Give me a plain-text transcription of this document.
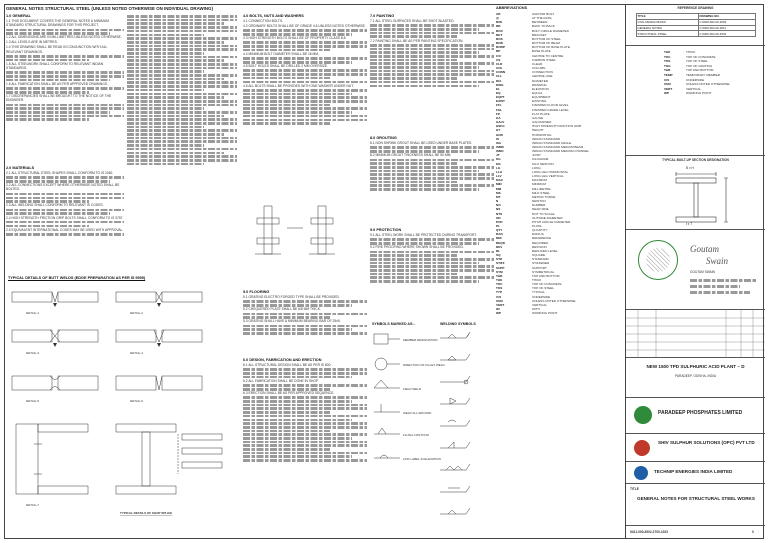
GENERAL NOTES STRUCTURAL STEEL (UNLESS NOTED OTHERWISE ON INDIVIDUAL DRAWING)
1.0 GENERAL

1.1 THIS DOCUMENT COVERS THE GENERAL NOTES & MINIMUM STANDARD STRUCTURAL DRAWINGS FOR THIS PROJECT.

1.2 ALL DIMENSIONS ARE IN MILLIMETRES UNLESS NOTED OTHERWISE.

1.3 ALL LEVELS ARE IN METRES.

1.4 THIS DRAWING SHALL BE READ IN CONJUNCTION WITH ALL RELEVANT DRAWINGS.

1.5 ALL STEELWORK SHALL CONFORM TO RELEVANT INDIAN STANDARDS.

1.6 ALL FABRICATION SHALL BE AS PER APPROVED DRAWINGS.

1.7 DISCREPANCIES SHALL BE BROUGHT TO THE NOTICE OF THE ENGINEER.

2.0 MATERIALS

2.1 ALL STRUCTURAL STEEL SHAPES SHALL CONFORM TO IS 2062.

2.2 ALL CONNECTIONS EXCEPT WHERE OTHERWISE NOTED SHALL BE BOLTED.

2.3 ALL WELDING SHALL CONFORM TO RELEVANT IS CODES.

2.4 HIGH STRENGTH FRICTION GRIP BOLTS SHALL CONFORM TO IS 3757.

2.5 EQUIVALENT INTERNATIONAL CODES MAY BE USED WITH APPROVAL.

TYPICAL DETAILS OF BUTT WELDS (EDGE PREPARATION AS PER IS 9595)
DETAIL-1	DETAIL-2
DETAIL-3	DETAIL-4
DETAIL-5	DETAIL-6
DETAIL-7
TYPICAL DETAILS OF SHOP SPLICE
4.0 BOLTS, NUTS AND WASHERS

4.1 CONNECTION BOLTS.

4.2 ORDINARY BOLTS SHALL BE OF GRADE 4.6 UNLESS NOTED OTHERWISE.

4.3 HIGH STRENGTH BOLTS SHALL BE OF PROPERTY CLASS 8.8.

4.4 MINIMUM BOLT DIAMETER SHALL BE 16 MM.

4.5 BOLT HOLES SHALL BE DRILLED 2 MM OVERSIZE.

4.6 ALL BOLTS SHALL BE PROVIDED WITH ONE WASHER UNDER NUT.

5.0 FLOORING

5.1 GRATING ELECTRO FORGED TYPE SHALL BE PROVIDED.

5.2 CHEQUERED PLATE SHALL BE 6/8 MM THICK.

5.3 GRATING SHALL HAVE A MINIMUM BEARING BAR OF 25x5.

6.0 DESIGN, FABRICATION AND ERECTION

6.1 ALL STRUCTURAL DESIGN SHALL BE AS PER IS 800.

6.2 ALL FABRICATION SHALL BE DONE IN SHOP.

6.3 ERECTION SHALL BE AS PER APPROVED SEQUENCE.

7.0 PAINTING

7.1 ALL STEEL SURFACES SHALL BE SHOT BLASTED.

7.2 PAINTING SHALL BE AS PER PAINTING SPECIFICATION.

8.0 GROUTING

8.1 NON SHRINK GROUT SHALL BE USED UNDER BASE PLATES.

8.2 MINIMUM GROUT THICKNESS SHALL BE 50 MM.

9.0 PROTECTION

9.1 ALL STEEL WORK SHALL BE PROTECTED DURING TRANSPORT.

9.2 FIRE PROOFING WHERE SHOWN SHALL BE PROVIDED.

SYMBOLS MARKED AS:-	WELDING SYMBOLS
MEMBER DESIGNATION
DIRECTION OF FILLET WELD
FIELD WELD
WELD ALL AROUND
FLUSH CONTOUR
LINK LABEL IN ELEVATION
ABBREVIATIONS
AB	ANCHOR BOLT
@	AT THE RATE
B/W	BETWEEN
BB	BACK TO BACK
BCD	BOLT CIRCLE DIAMETER
BKT	BRACKET
BOS	BOTTOM OF STEEL
BOB	BOTTOM OF BEAM
BOBP	BOTTOM OF BASE PLATE
BP	BASE PLATE
C/C	CENTRE TO CENTRE
CS	CARBON STEEL
CLR	CLEAR
COL	COLUMN
CONN	CONNECTION
CLL	CENTRE LINE
DIA	DIAMETER
DWG	DRAWING
EL	ELEVATION
EQ	EQUAL
EQPT	EQUIPMENT
EXIST	EXISTING
FFL	FINISHED FLOOR LEVEL
FGL	FINISHED GRADE LEVEL
FP	FLAT PLATE
GA	GAUGE
GALV	GALVANISED
HSFG	HIGH STRENGTH FRICTION GRIP
HT	HEIGHT
HOR	HORIZONTAL
IS	INDIAN STANDARD
ISA	INDIAN STANDARD ANGLE
ISMB	INDIAN STANDARD MEDIUM BEAM
ISMC	INDIAN STANDARD MEDIUM CHANNEL
JT	JOINT
KG	KILOGRAM
KN	KILO NEWTON
LG	LONG
LLH	LONG LEG HORIZONTAL
LLV	LONG LEG VERTICAL
MAX	MAXIMUM
MIN	MINIMUM
MM	MILLIMETRE
MS	MILD STEEL
MT	METRIC TONNE
N	NEWTON
NO	NUMBER
NS	NEAR SIDE
NTS	NOT TO SCALE
OD	OUTSIDE DIAMETER
PCD	PITCH CIRCLE DIAMETER
PL	PLATE
QTY	QUANTITY
RAD	RADIUS
REF	REFERENCE
REQD	REQUIRED
REV	REVISION
RL	REDUCED LEVEL
SQ	SQUARE
STD	STANDARD
STIFF	STIFFENER
SUPP	SUPPORT
SYM	SYMMETRICAL
T&B	TOP AND BOTTOM
THK	THICK
TOC	TOP OF CONCRETE
TOS	TOP OF STEEL
TYP	TYPICAL
U/S	UNDERSIDE
UNO	UNLESS NOTED OTHERWISE
VERT	VERTICAL
W/	WITH
WP	WORKING POINT
REFERENCE DRAWING
TITLE	DRAWING NO.
CIVIL DESIGN BASIS	C:0000-002-00-2003
GENERAL NOTES	C:0000-002-00-2011
STRUCTURAL STEEL	C:0000-002-00-4502
THK	THICK
TOC	TOP OF CONCRETE
TOS	TOP OF STEEL
TOG	TOP OF GRATING
T&B	TOP AND BOTTOM
TEMP	TEMPORARY MEMBER
U/S	UNDERSIDE
UNO	UNLESS NOTED OTHERWISE
VERT	VERTICAL
WP	WORKING POINT
TYPICAL BUILT-UP SECTION DESIGNATION
B x H
t x T
Goutam
Swain
GOUTAM SWAIN
NEW 1500 TPD SULPHURIC ACID PLANT – D
PARADEEP, ODISHA, INDIA
PARADEEP PHOSPHATES LIMITED
SHIV SULPHUR SOLUTIONS (OPC) PVT LTD
TECHNIP ENERGIES INDIA LIMITED
TITLE
GENERAL NOTES FOR STRUCTURAL STEEL WORKS
5421-000-4502-2700-1023	0
